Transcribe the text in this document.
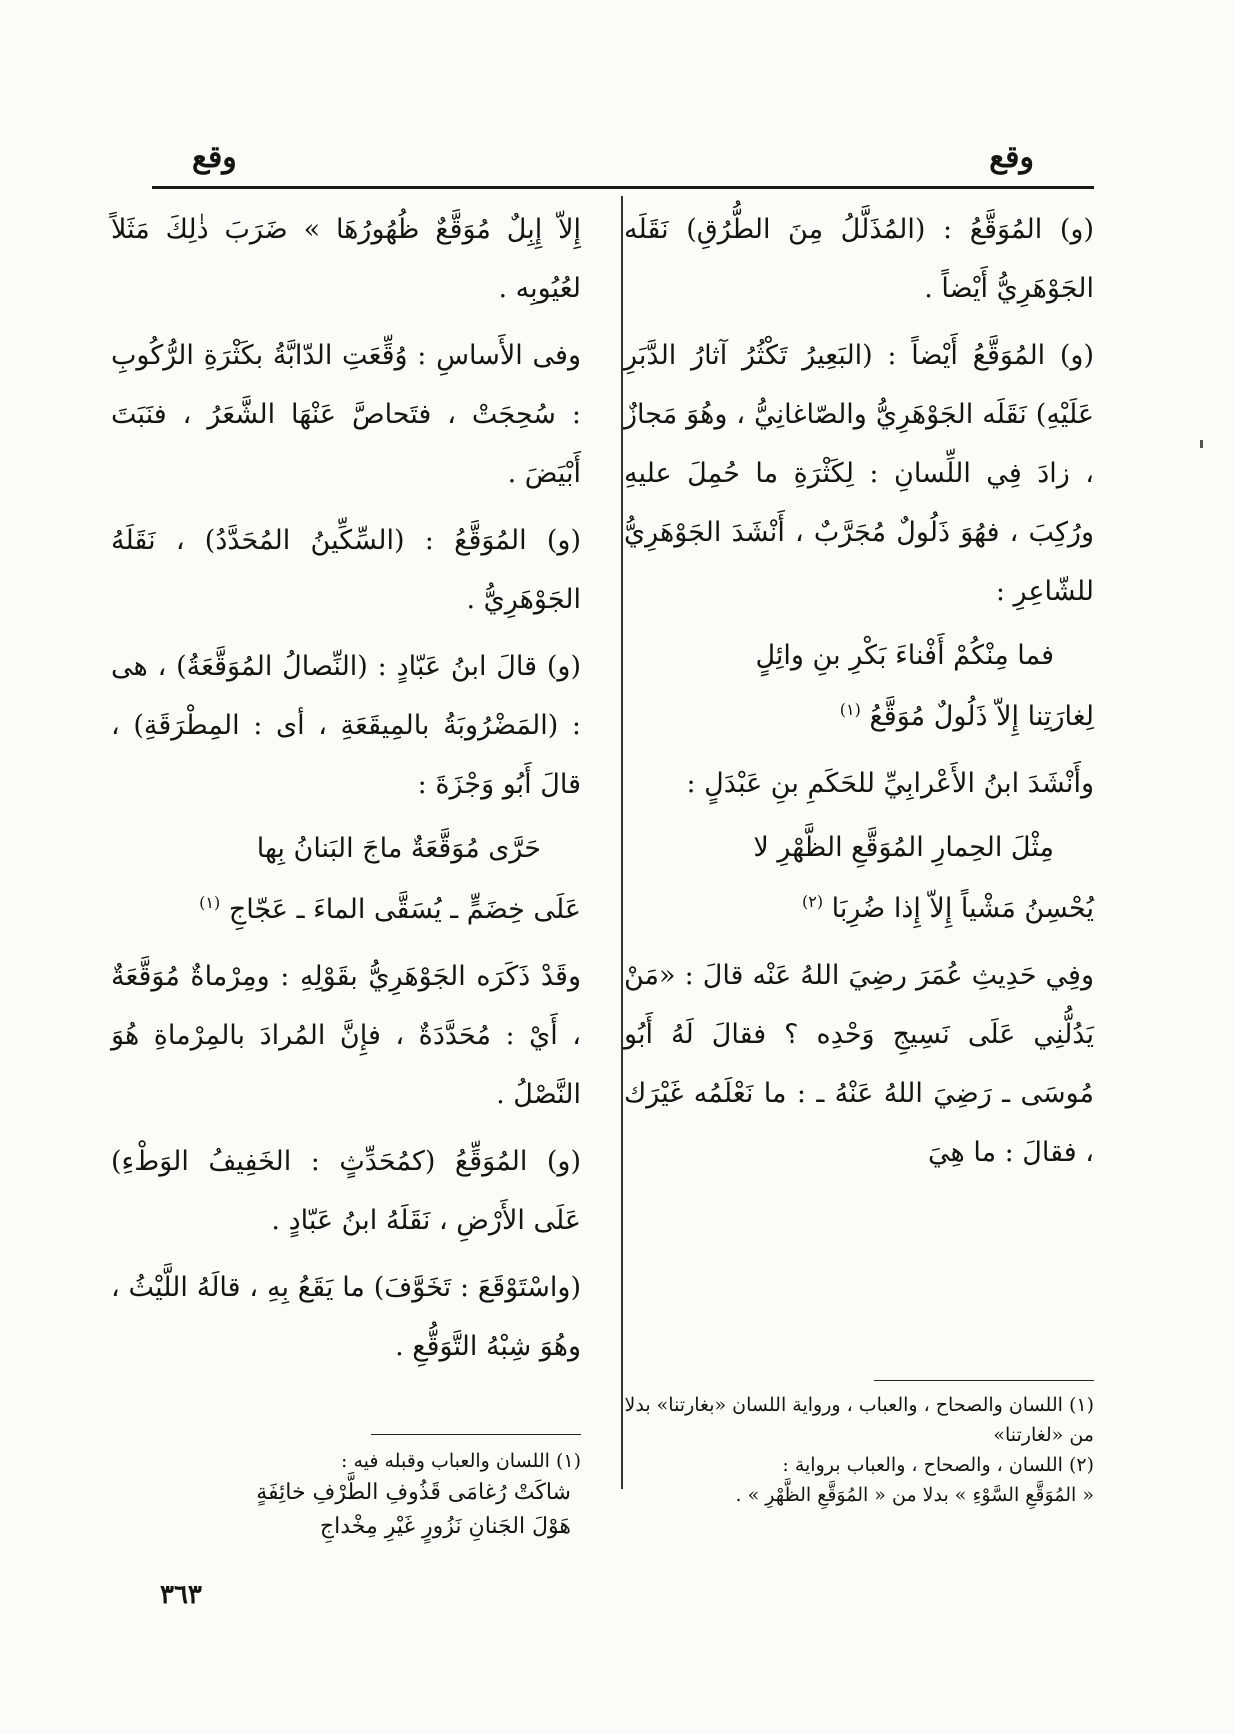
وقع
وقع

(و) المُوَقَّعُ : (المُذَلَّلُ مِنَ الطُّرُقِ) نَقَلَه الجَوْهَرِيُّ أَيْضاً .

(و) المُوَقَّعُ أَيْضاً : (البَعِيرُ تَكْثُرُ آثارُ الدَّبَرِ عَلَيْهِ) نَقَلَه الجَوْهَرِيُّ والصّاغانِيُّ ، وهُوَ مَجازٌ ، زادَ فِي اللِّسانِ : لِكَثْرَةِ ما حُمِلَ عليهِ ورُكِبَ ، فهُوَ ذَلُولٌ مُجَرَّبٌ ، أَنْشَدَ الجَوْهَرِيُّ للشّاعِرِ :

فما مِنْكُمْ أَفْناءَ بَكْرِ بنِ وائِلٍ
لِغارَتِنا إِلاّ ذَلُولٌ مُوَقَّعُ $^{(١)}$

وأَنْشَدَ ابنُ الأَعْرابِيِّ للحَكَمِ بنِ عَبْدَلٍ :

مِثْلَ الحِمارِ المُوَقَّعِ الظَّهْرِ لا
يُحْسِنُ مَشْياً إِلاّ إِذا ضُرِبَا $^{(٢)}$

وفِي حَدِيثِ عُمَرَ رضِيَ اللهُ عَنْه قالَ : «مَنْ يَدُلُّنِي عَلَى نَسِيجِ وَحْدِه ؟ فقالَ لَهُ أَبُو مُوسَى ـ رَضِيَ اللهُ عَنْهُ ـ : ما نَعْلَمُه غَيْرَك ، فقالَ : ما هِيَ

إِلاّ إِبِلٌ مُوَقَّعٌ ظُهُورُهَا » ضَرَبَ ذٰلِكَ مَثَلاً لعُيُوبِه .

وفى الأَساسِ : وُقِّعَتِ الدّابَّةُ بكَثْرَةِ الرُّكُوبِ : سُحِجَتْ ، فتَحاصَّ عَنْهَا الشَّعَرُ ، فنَبَتَ أَبْيَضَ .

(و) المُوَقَّعُ : (السِّكِّينُ المُحَدَّدُ) ، نَقَلَهُ الجَوْهَرِيُّ .

(و) قالَ ابنُ عَبّادٍ : (النِّصالُ المُوَقَّعَةُ) ، هى : (المَضْرُوبَةُ بالمِيقَعَةِ ، أى : المِطْرَقَةِ) ، قالَ أَبُو وَجْزَةَ :

حَرَّى مُوَقَّعَةٌ ماجَ البَنانُ بِها
عَلَى خِضَمٍّ ـ يُسَقَّى الماءَ ـ عَجّاجِ $^{(١)}$

وقَدْ ذَكَرَه الجَوْهَرِيُّ بقَوْلِهِ : ومِرْماةٌ مُوَقَّعَةٌ ، أَيْ : مُحَدَّدَةٌ ، فإِنَّ المُرادَ بالمِرْماةِ هُوَ النَّصْلُ .

(و) المُوَقِّعُ (كمُحَدِّثٍ : الخَفِيفُ الوَطْءِ) عَلَى الأَرْضِ ، نَقَلَهُ ابنُ عَبّادٍ .

(واسْتَوْقَعَ : تَخَوَّفَ) ما يَقَعُ بِهِ ، قالَهُ اللَّيْثُ ، وهُوَ شِبْهُ التَّوَقُّعِ .

(١) اللسان والصحاح ، والعباب ، ورواية اللسان «بغارتنا» بدلا من «لغارتنا»
(٢) اللسان ، والصحاح ، والعباب برواية :
« المُوَقَّعِ السَّوْءِ » بدلا من « المُوَقَّعِ الظَّهْرِ » .
(١) اللسان والعباب وقبله فيه :
شاكَتْ رُغامَى قَذُوفِ الطَّرْفِ خائِفَةٍ
هَوْلَ الجَنانِ نَزُورٍ غَيْرِ مِخْداجِ
٣٦٣
